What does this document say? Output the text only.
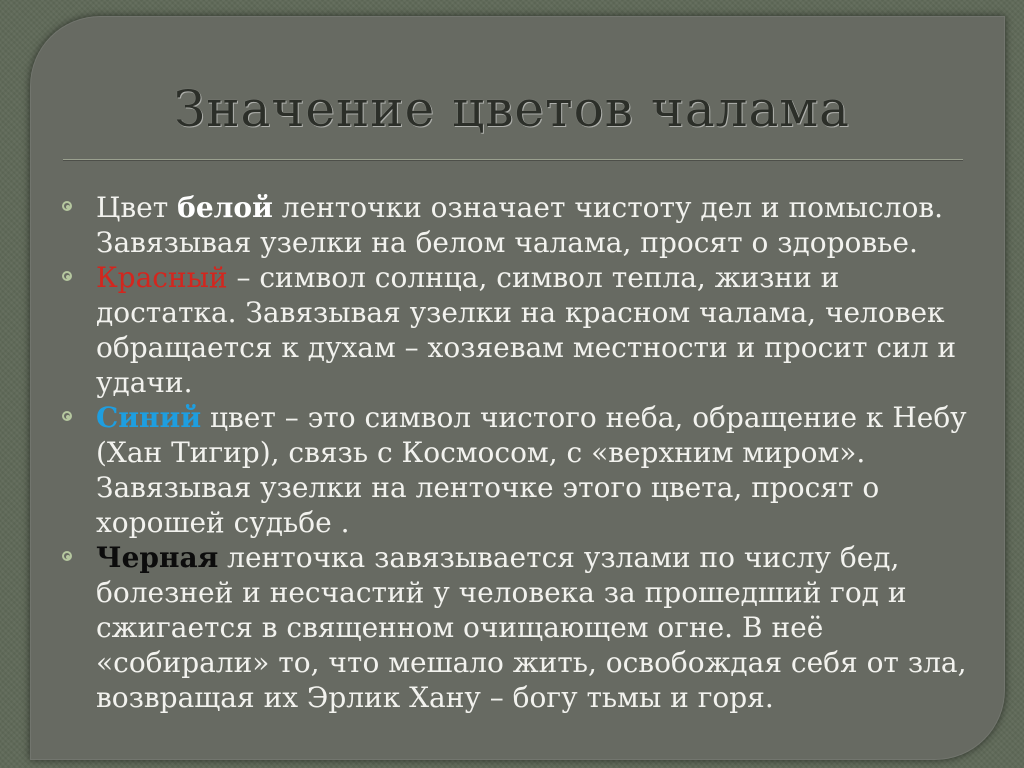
Значение цветов чалама
Цвет белой ленточки означает чистоту дел и помыслов. Завязывая узелки на белом чалама, просят о здоровье.
Красный – символ солнца, символ тепла, жизни и достатка. Завязывая узелки на красном чалама, человек обращается к духам – хозяевам местности и просит сил и удачи.
Синий цвет – это символ чистого неба, обращение к Небу (Хан Тигир), связь с Космосом, с «верхним миром». Завязывая узелки на ленточке этого цвета, просят о хорошей судьбе .
Черная ленточка завязывается узлами по числу бед, болезней и несчастий у человека за прошедший год и сжигается в священном очищающем огне. В неё «собирали» то, что мешало жить, освобождая себя от зла, возвращая их Эрлик Хану – богу тьмы и горя.
